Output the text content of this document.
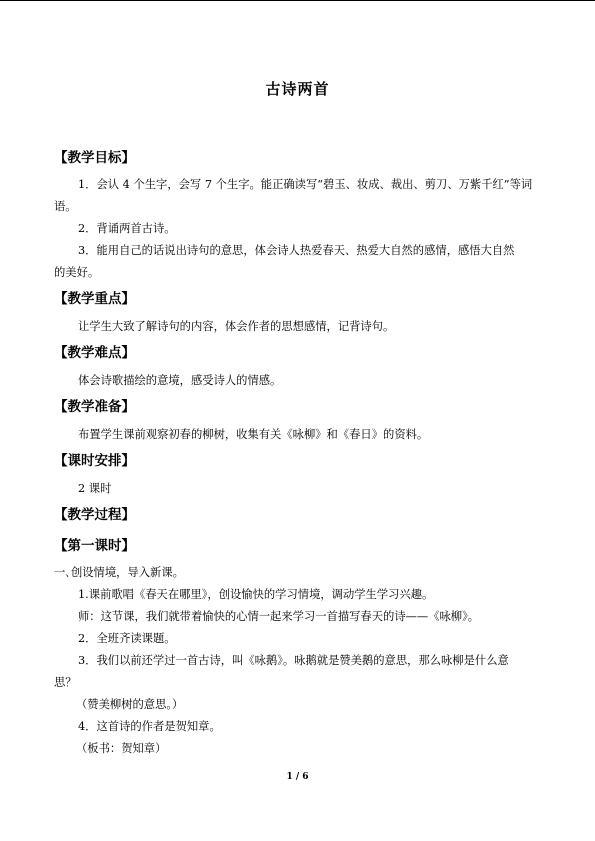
古诗两首
【教学目标】
1．会认 4 个生字，会写 7 个生字。能正确读写“碧玉、妆成、裁出、剪刀、万紫千红”等词
语。
2．背诵两首古诗。
3．能用自己的话说出诗句的意思，体会诗人热爱春天、热爱大自然的感情，感悟大自然
的美好。
【教学重点】
让学生大致了解诗句的内容，体会作者的思想感情，记背诗句。
【教学难点】
体会诗歌描绘的意境，感受诗人的情感。
【教学准备】
布置学生课前观察初春的柳树，收集有关《咏柳》和《春日》的资料。
【课时安排】
2 课时
【教学过程】
【第一课时】
一､创设情境，导入新课。
1.课前歌唱《春天在哪里》，创设愉快的学习情境，调动学生学习兴趣。
师：这节课，我们就带着愉快的心情一起来学习一首描写春天的诗——《咏柳》。
2．全班齐读课题。
3．我们以前还学过一首古诗，叫《咏鹅》。咏鹅就是赞美鹅的意思，那么咏柳是什么意
思？
（赞美柳树的意思。）
4．这首诗的作者是贺知章。
（板书：贺知章）
1 / 6
